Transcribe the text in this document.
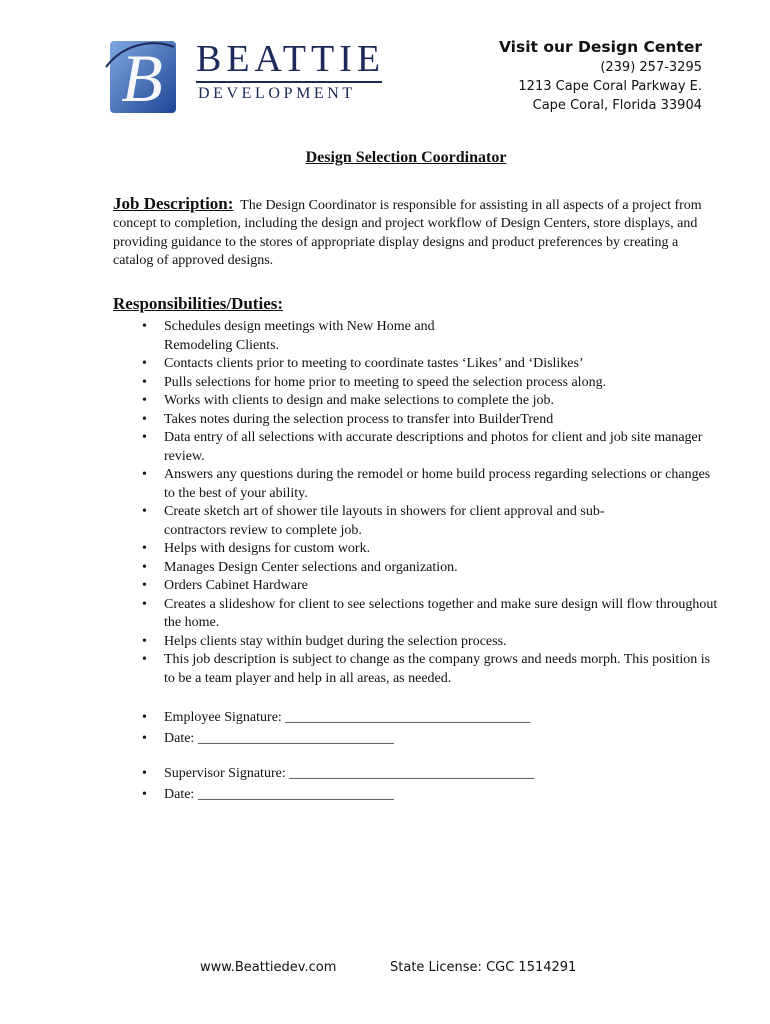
B BEATTIE
DEVELOPMENT
Visit our Design Center
(239) 257-3295
1213 Cape Coral Parkway E.
Cape Coral, Florida 33904
Design Selection Coordinator

Job Description: The Design Coordinator is responsible for assisting in all aspects of a project from concept to completion, including the design and project workflow of Design Centers, store displays, and providing guidance to the stores of appropriate display designs and product preferences by creating a catalog of approved designs.

Responsibilities/Duties:
• Schedules design meetings with New Home and Remodeling Clients.
• Contacts clients prior to meeting to coordinate tastes ‘Likes’ and ‘Dislikes’
• Pulls selections for home prior to meeting to speed the selection process along.
• Works with clients to design and make selections to complete the job.
• Takes notes during the selection process to transfer into BuilderTrend
• Data entry of all selections with accurate descriptions and photos for client and job site manager review.
• Answers any questions during the remodel or home build process regarding selections or changes to the best of your ability.
• Create sketch art of shower tile layouts in showers for client approval and sub-contractors review to complete job.
• Helps with designs for custom work.
• Manages Design Center selections and organization.
• Orders Cabinet Hardware
• Creates a slideshow for client to see selections together and make sure design will flow throughout the home.
• Helps clients stay within budget during the selection process.
• This job description is subject to change as the company grows and needs morph. This position is to be a team player and help in all areas, as needed.
• Employee Signature: ___________________________________
• Date: ____________________________
• Supervisor Signature: ___________________________________
• Date: ____________________________
www.Beattiedev.com	State License: CGC 1514291
